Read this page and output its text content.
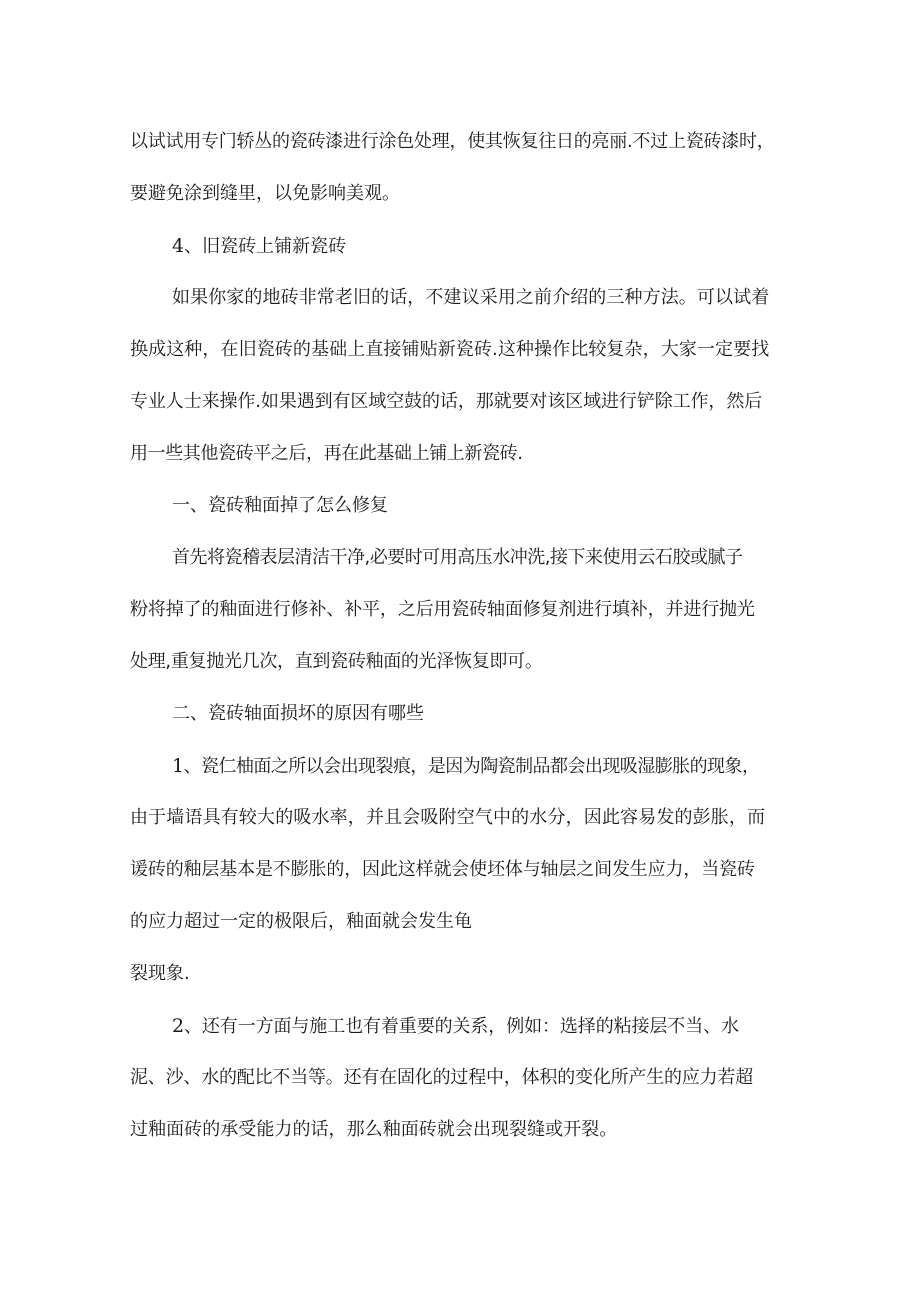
以试试用专门轿丛的瓷砖漆进行涂色处理，使其恢复往日的亮丽.不过上瓷砖漆时，
要避免涂到缝里，以免影响美观。
4、旧瓷砖上铺新瓷砖
如果你家的地砖非常老旧的话，不建议采用之前介绍的三种方法。可以试着
换成这种，在旧瓷砖的基础上直接铺贴新瓷砖.这种操作比较复杂，大家一定要找
专业人士来操作.如果遇到有区域空鼓的话，那就要对该区域进行铲除工作，然后
用一些其他瓷砖平之后，再在此基础上铺上新瓷砖.
一、瓷砖釉面掉了怎么修复
首先将瓷稽表层清洁干净,必要时可用高压水冲洗,接下来使用云石胶或腻子
粉将掉了的釉面进行修补、补平，之后用瓷砖轴面修复剂进行填补，并进行抛光
处理,重复抛光几次，直到瓷砖釉面的光泽恢复即可。
二、瓷砖轴面损坏的原因有哪些
1、瓷仁柚面之所以会出现裂痕，是因为陶瓷制品都会出现吸湿膨胀的现象，
由于墙语具有较大的吸水率，并且会吸附空气中的水分，因此容易发的彭胀，而
谖砖的釉层基本是不膨胀的，因此这样就会使坯体与轴层之间发生应力，当瓷砖
的应力超过一定的极限后，釉面就会发生龟
裂现象.
2、还有一方面与施工也有着重要的关系，例如：选择的粘接层不当、水
泥、沙、水的配比不当等。还有在固化的过程中，体积的变化所产生的应力若超
过釉面砖的承受能力的话，那么釉面砖就会出现裂缝或开裂。
